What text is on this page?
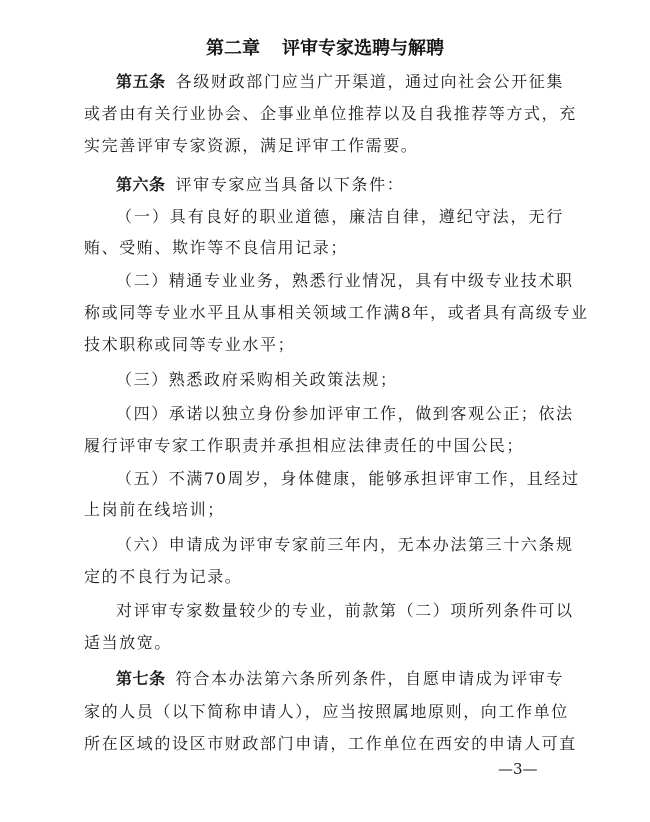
第二章 评审专家选聘与解聘
第五条 各级财政部门应当广开渠道，通过向社会公开征集
或者由有关行业协会、企事业单位推荐以及自我推荐等方式，充
实完善评审专家资源，满足评审工作需要。
第六条 评审专家应当具备以下条件：
（一）具有良好的职业道德，廉洁自律，遵纪守法，无行
贿、受贿、欺诈等不良信用记录；
（二）精通专业业务，熟悉行业情况，具有中级专业技术职
称或同等专业水平且从事相关领域工作满8年，或者具有高级专业
技术职称或同等专业水平；
（三）熟悉政府采购相关政策法规；
（四）承诺以独立身份参加评审工作，做到客观公正；依法
履行评审专家工作职责并承担相应法律责任的中国公民；
（五）不满70周岁，身体健康，能够承担评审工作，且经过
上岗前在线培训；
（六）申请成为评审专家前三年内，无本办法第三十六条规
定的不良行为记录。
对评审专家数量较少的专业，前款第（二）项所列条件可以
适当放宽。
第七条 符合本办法第六条所列条件，自愿申请成为评审专
家的人员（以下简称申请人），应当按照属地原则，向工作单位
所在区域的设区市财政部门申请，工作单位在西安的申请人可直
—3—
